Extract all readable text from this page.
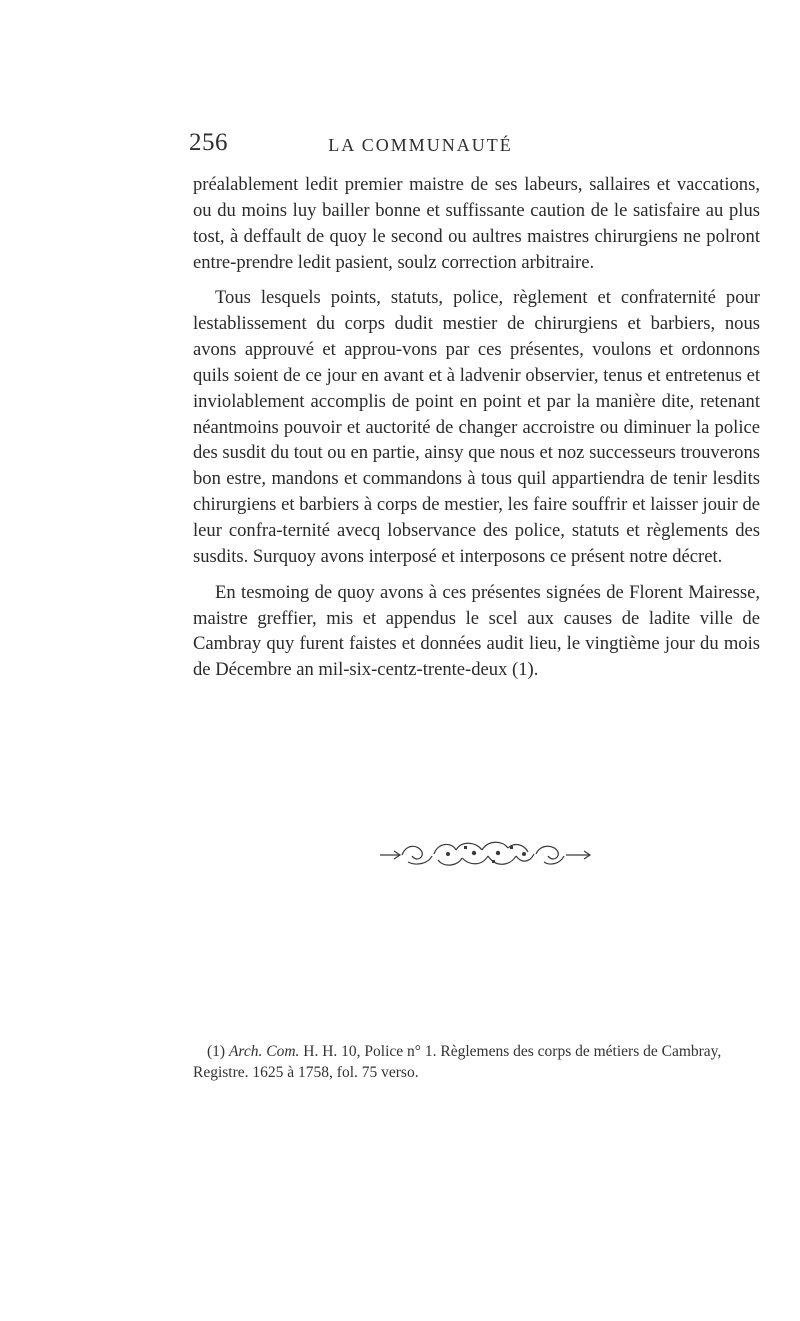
256	LA COMMUNAUTÉ

préalablement ledit premier maistre de ses labeurs, sallaires et vaccations, ou du moins luy bailler bonne et suffissante caution de le satisfaire au plus tost, à deffault de quoy le second ou aultres maistres chirurgiens ne polront entre-prendre ledit pasient, soulz correction arbitraire.

Tous lesquels points, statuts, police, règlement et confraternité pour lestablissement du corps dudit mestier de chirurgiens et barbiers, nous avons approuvé et approu-vons par ces présentes, voulons et ordonnons quils soient de ce jour en avant et à ladvenir observier, tenus et entretenus et inviolablement accomplis de point en point et par la manière dite, retenant néantmoins pouvoir et auctorité de changer accroistre ou diminuer la police des susdit du tout ou en partie, ainsy que nous et noz successeurs trouverons bon estre, mandons et commandons à tous quil appartiendra de tenir lesdits chirurgiens et barbiers à corps de mestier, les faire souffrir et laisser jouir de leur confra-ternité avecq lobservance des police, statuts et règlements des susdits. Surquoy avons interposé et interposons ce présent notre décret.

En tesmoing de quoy avons à ces présentes signées de Florent Mairesse, maistre greffier, mis et appendus le scel aux causes de ladite ville de Cambray quy furent faistes et données audit lieu, le vingtième jour du mois de Décembre an mil-six-centz-trente-deux (1).

(1) Arch. Com. H. H. 10, Police n° 1. Règlemens des corps de métiers de Cambray, Registre. 1625 à 1758, fol. 75 verso.
